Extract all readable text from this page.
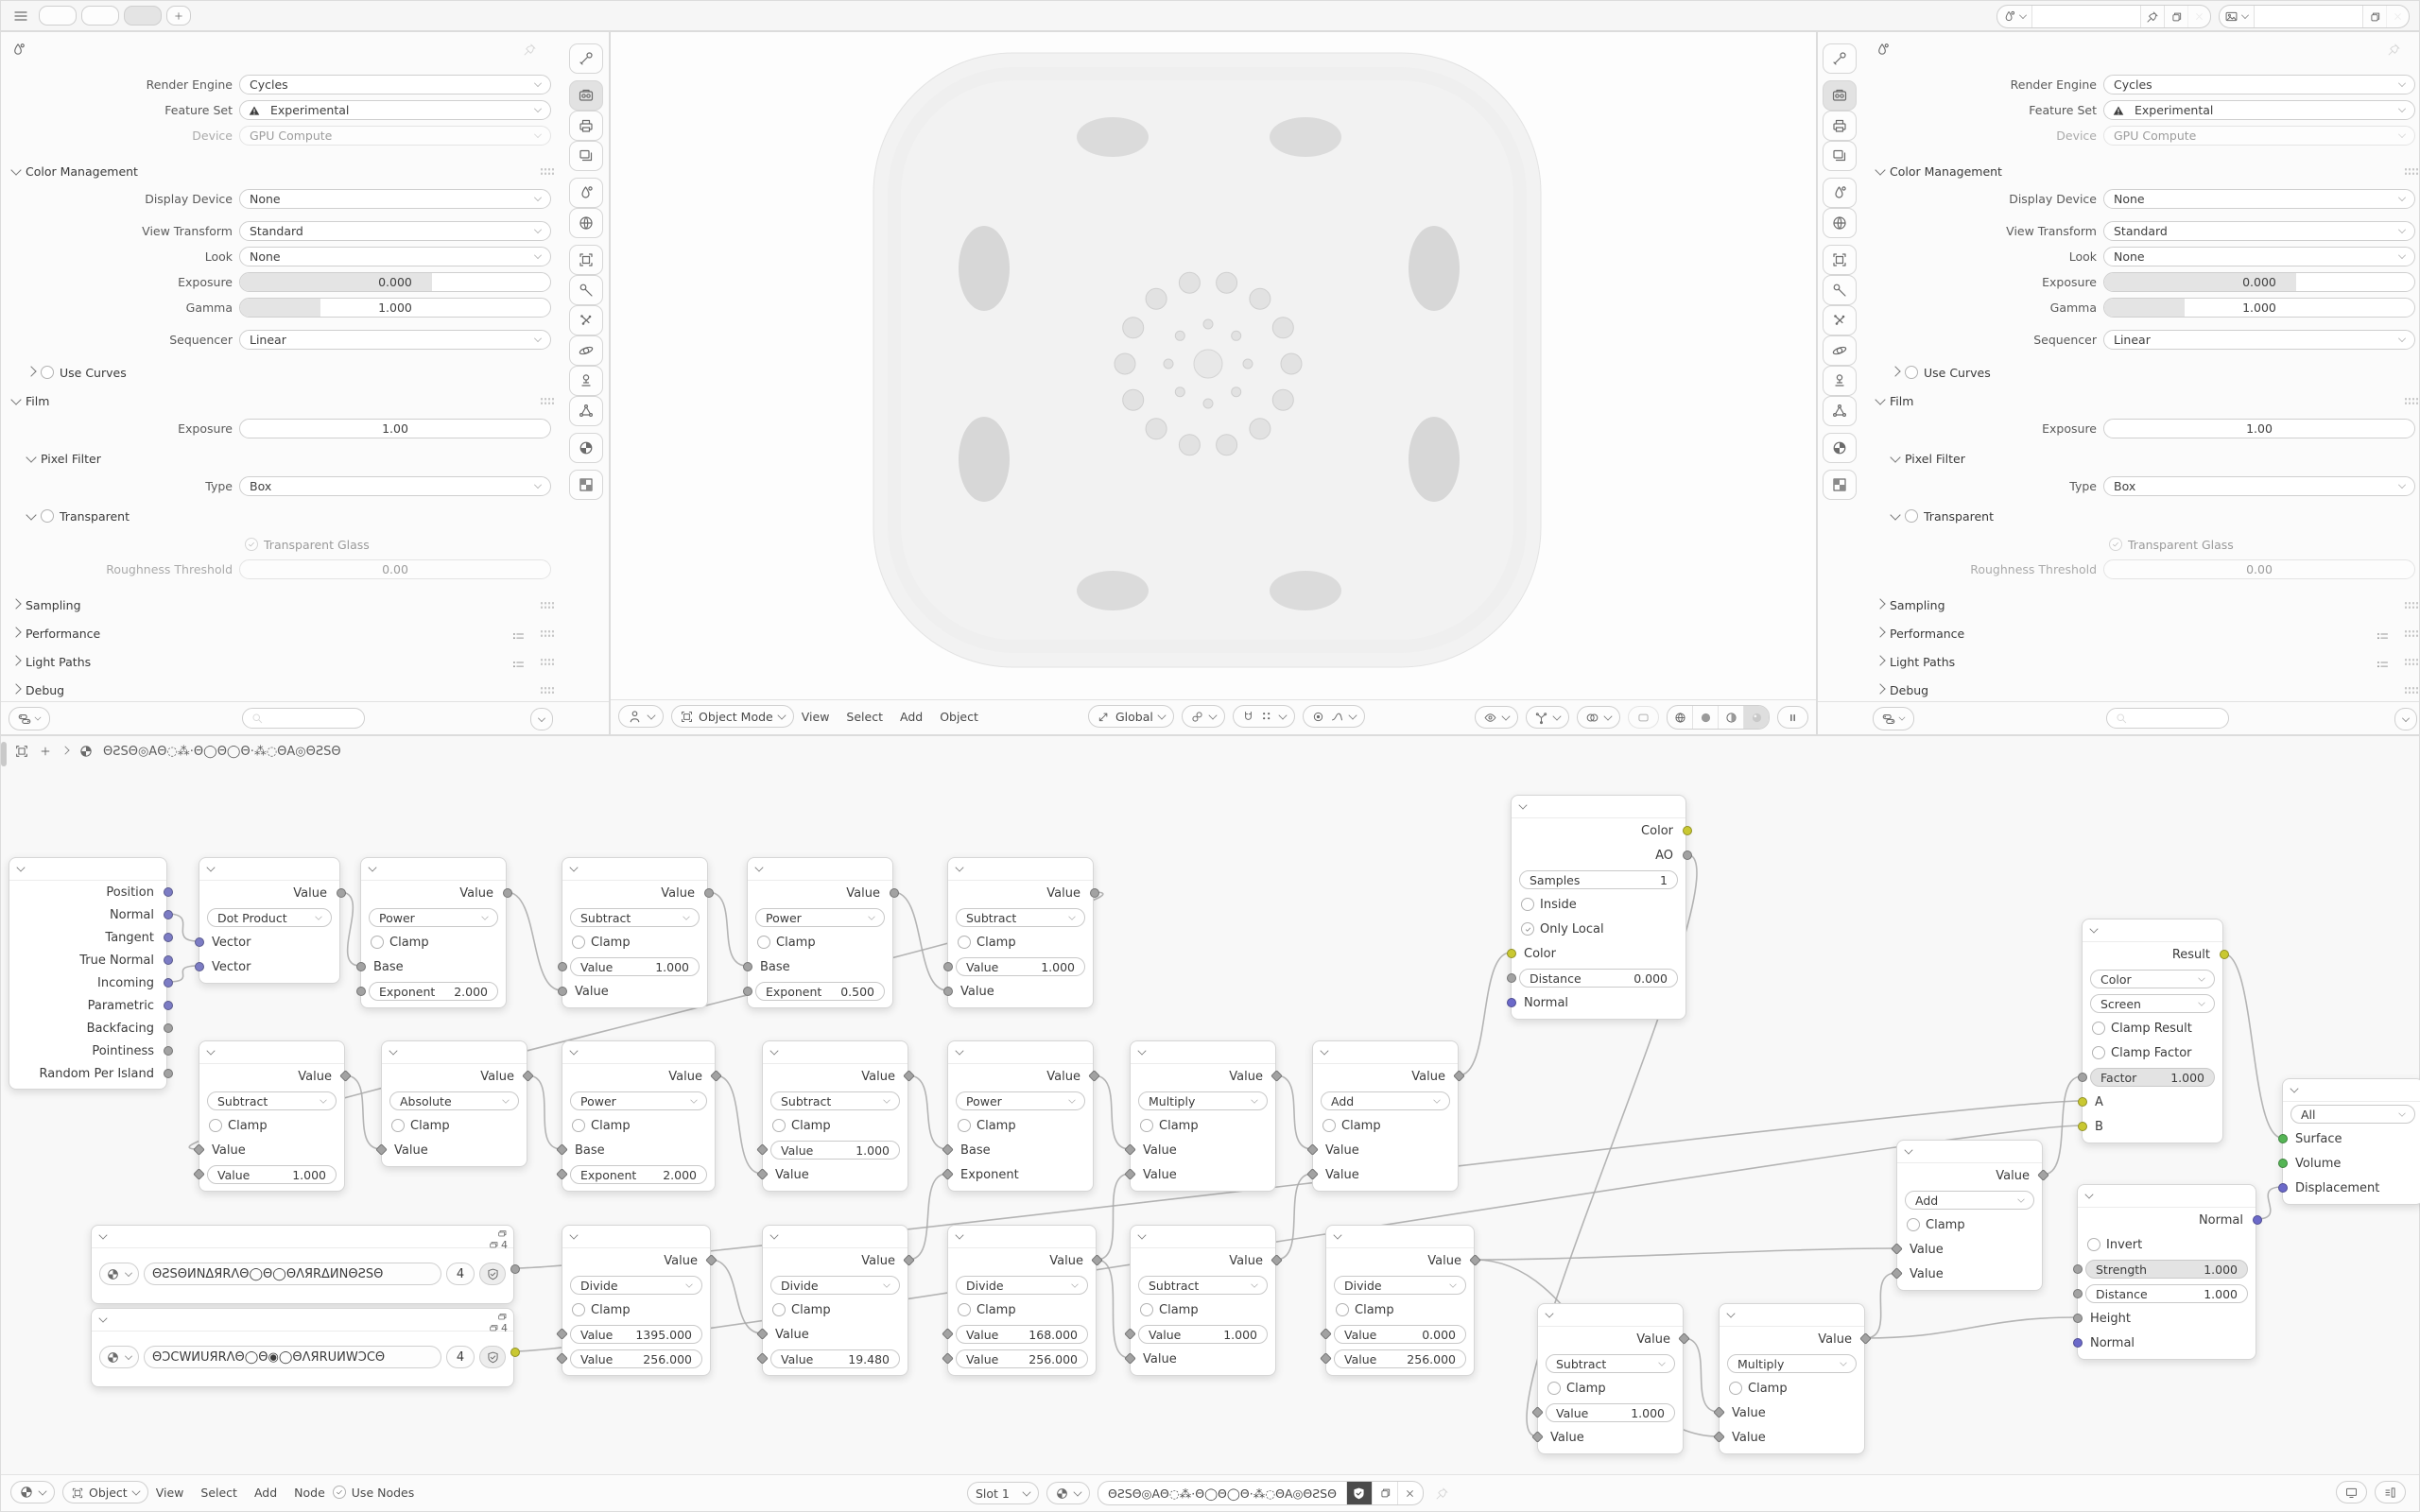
Render Engine	Cycles
Feature Set	Experimental
Device	GPU Compute
Color Management
Display Device	None
View Transform	Standard
Look	None
Exposure	0.000
Gamma	1.000
Sequencer	Linear
Use Curves
Film
Exposure	1.00
Pixel Filter
Type	Box
Transparent
Transparent Glass
Roughness Threshold	0.00
Sampling
Performance
Light Paths
Debug
Object Mode View Select Add Object	Global
Render Engine	Cycles
Feature Set	Experimental
Device	GPU Compute
Color Management
Display Device	None
View Transform	Standard
Look	None
Exposure	0.000
Gamma	1.000
Sequencer	Linear
Use Curves
Film
Exposure	1.00
Pixel Filter
Type	Box
Transparent
Transparent Glass
Roughness Threshold	0.00
Sampling
Performance
Light Paths
Debug
Position
Normal
Tangent
True Normal
Incoming
Parametric
Backfacing
Pointiness
Random Per Island
Value
Dot Product
Vector
Vector
Value
Power
Clamp
Base
Exponent	2.000
Value
Subtract
Clamp
Value	1.000
Value
Value
Power
Clamp
Base
Exponent	0.500
Value
Subtract
Clamp
Value	1.000
Value
Color
AO
Samples	1
Inside
Only Local
Color
Distance	0.000
Normal
Value
Subtract
Clamp
Value
Value	1.000
Value
Absolute
Clamp
Value
Value
Power
Clamp
Base
Exponent	2.000
Value
Subtract
Clamp
Value	1.000
Value
Value
Power
Clamp
Base
Exponent
Value
Multiply
Clamp
Value
Value
Value
Add
Clamp
Value
Value
4
ΘƧSΘͶNΔЯRΛΘ◯Θ◯ΘΛЯRΔͶNΘƧSΘ	4
4
ΘƆϹWͶUЯRΛΘ◯Θ◉◯ΘΛЯRUͶWƆϹΘ	4
Value
Divide
Clamp
Value	1395.000
Value	256.000
Value
Divide
Clamp
Value
Value	19.480
Value
Divide
Clamp
Value	168.000
Value	256.000
Value
Subtract
Clamp
Value	1.000
Value
Value
Divide
Clamp
Value	0.000
Value	256.000
Value
Subtract
Clamp
Value	1.000
Value
Value
Multiply
Clamp
Value
Value
Value
Add
Clamp
Value
Value
Result
Color
Screen
Clamp Result
Clamp Factor
Factor	1.000
A
B
Normal
Invert
Strength	1.000
Distance	1.000
Height
Normal
All
Surface
Volume
Displacement
ΘƧSΘ◎AΘ◌⁂·Θ◯Θ◯Θ·⁂◌ΘA◎ΘƧSΘ
Object View Select Add Node Use Nodes	Slot 1	ΘƧSΘ◎AΘ◌⁂·Θ◯Θ◯Θ·⁂◌ΘA◎ΘƧSΘ
